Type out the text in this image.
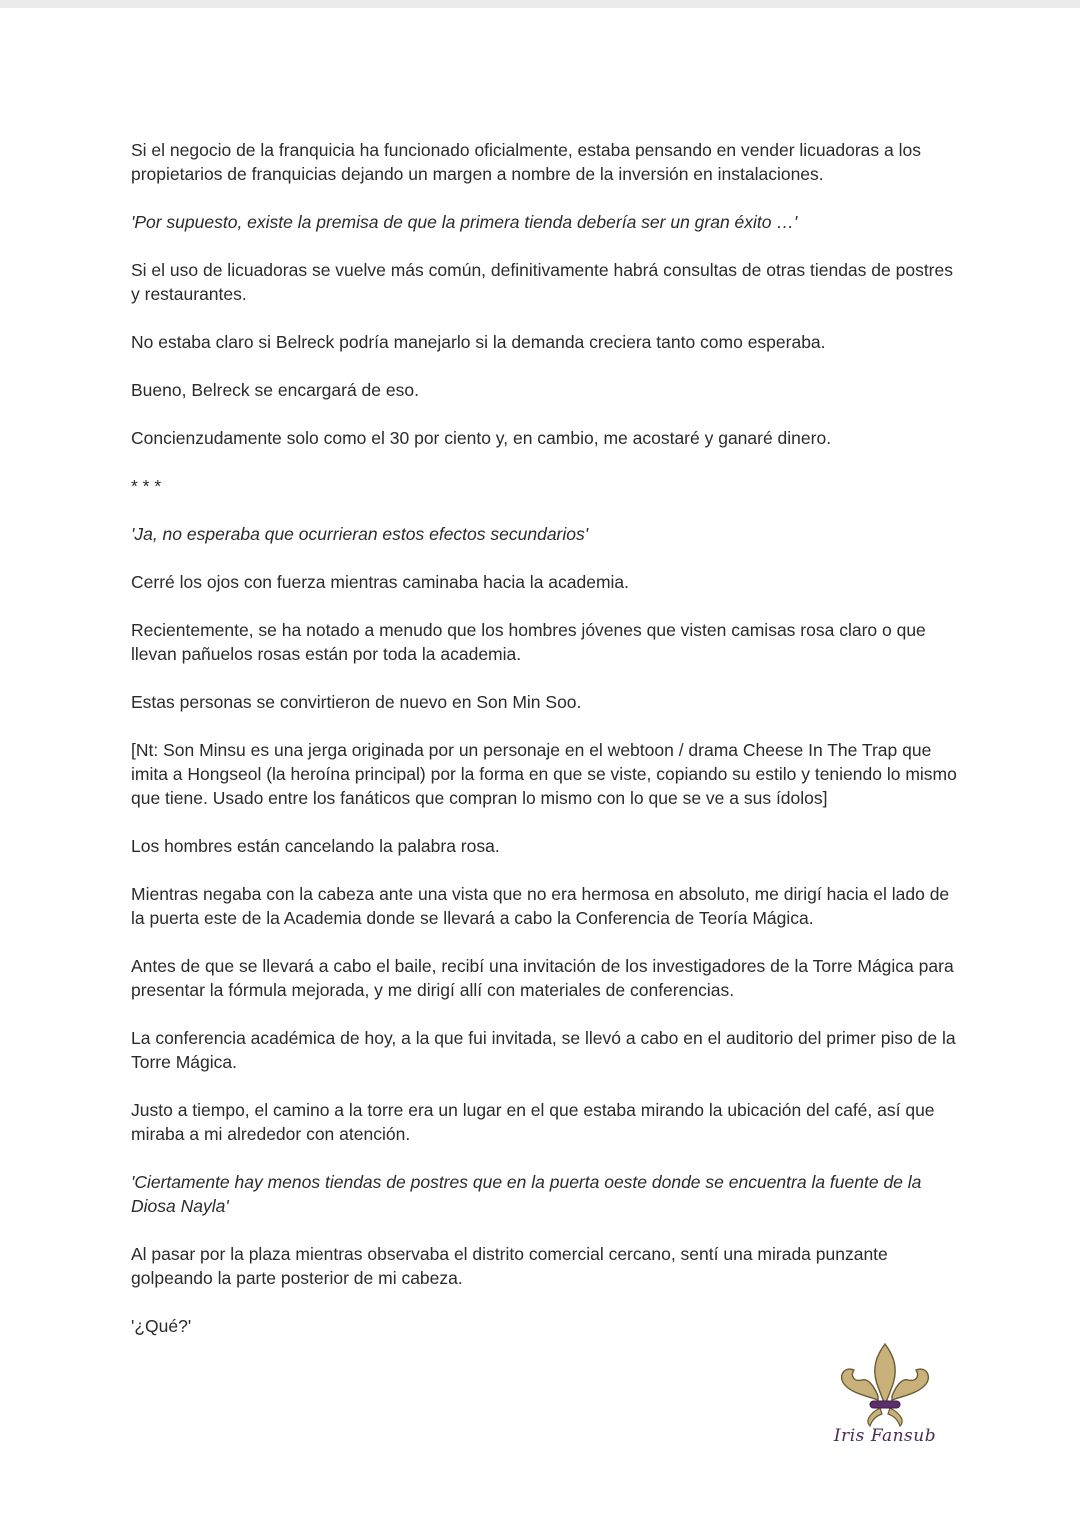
Si el negocio de la franquicia ha funcionado oficialmente, estaba pensando en vender licuadoras a los propietarios de franquicias dejando un margen a nombre de la inversión en instalaciones.

'Por supuesto, existe la premisa de que la primera tienda debería ser un gran éxito …'

Si el uso de licuadoras se vuelve más común, definitivamente habrá consultas de otras tiendas de postres y restaurantes.

No estaba claro si Belreck podría manejarlo si la demanda creciera tanto como esperaba.

Bueno, Belreck se encargará de eso.

Concienzudamente solo como el 30 por ciento y, en cambio, me acostaré y ganaré dinero.

* * *

'Ja, no esperaba que ocurrieran estos efectos secundarios'

Cerré los ojos con fuerza mientras caminaba hacia la academia.

Recientemente, se ha notado a menudo que los hombres jóvenes que visten camisas rosa claro o que llevan pañuelos rosas están por toda la academia.

Estas personas se convirtieron de nuevo en Son Min Soo.

[Nt: Son Minsu es una jerga originada por un personaje en el webtoon / drama Cheese In The Trap que imita a Hongseol (la heroína principal) por la forma en que se viste, copiando su estilo y teniendo lo mismo que tiene. Usado entre los fanáticos que compran lo mismo con lo que se ve a sus ídolos]

Los hombres están cancelando la palabra rosa.

Mientras negaba con la cabeza ante una vista que no era hermosa en absoluto, me dirigí hacia el lado de la puerta este de la Academia donde se llevará a cabo la Conferencia de Teoría Mágica.

Antes de que se llevará a cabo el baile, recibí una invitación de los investigadores de la Torre Mágica para presentar la fórmula mejorada, y me dirigí allí con materiales de conferencias.

La conferencia académica de hoy, a la que fui invitada, se llevó a cabo en el auditorio del primer piso de la Torre Mágica.

Justo a tiempo, el camino a la torre era un lugar en el que estaba mirando la ubicación del café, así que miraba a mi alrededor con atención.

'Ciertamente hay menos tiendas de postres que en la puerta oeste donde se encuentra la fuente de la Diosa Nayla'

Al pasar por la plaza mientras observaba el distrito comercial cercano, sentí una mirada punzante golpeando la parte posterior de mi cabeza.

'¿Qué?'

Iris Fansub
